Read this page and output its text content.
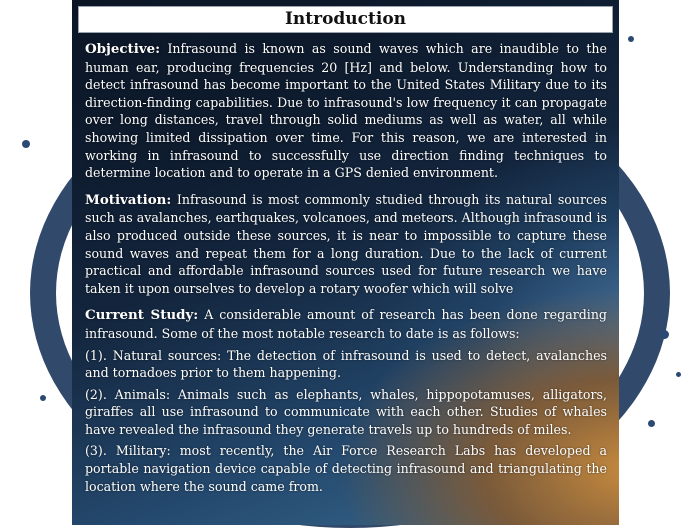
Introduction

Objective: Infrasound is known as sound waves which are inaudible to the human ear, producing frequencies 20 [Hz] and below. Understanding how to detect infrasound has become important to the United States Military due to its direction-finding capabilities. Due to infrasound's low frequency it can propagate over long distances, travel through solid mediums as well as water, all while showing limited dissipation over time. For this reason, we are interested in working in infrasound to successfully use direction finding techniques to determine location and to operate in a GPS denied environment.

Motivation: Infrasound is most commonly studied through its natural sources such as avalanches, earthquakes, volcanoes, and meteors. Although infrasound is also produced outside these sources, it is near to impossible to capture these sound waves and repeat them for a long duration. Due to the lack of current practical and affordable infrasound sources used for future research we have taken it upon ourselves to develop a rotary woofer which will solve

Current Study: A considerable amount of research has been done regarding infrasound. Some of the most notable research to date is as follows:

(1). Natural sources: The detection of infrasound is used to detect, avalanches and tornadoes prior to them happening.

(2). Animals: Animals such as elephants, whales, hippopotamuses, alligators, giraffes all use infrasound to communicate with each other. Studies of whales have revealed the infrasound they generate travels up to hundreds of miles.

(3). Military: most recently, the Air Force Research Labs has developed a portable navigation device capable of detecting infrasound and triangulating the location where the sound came from.
